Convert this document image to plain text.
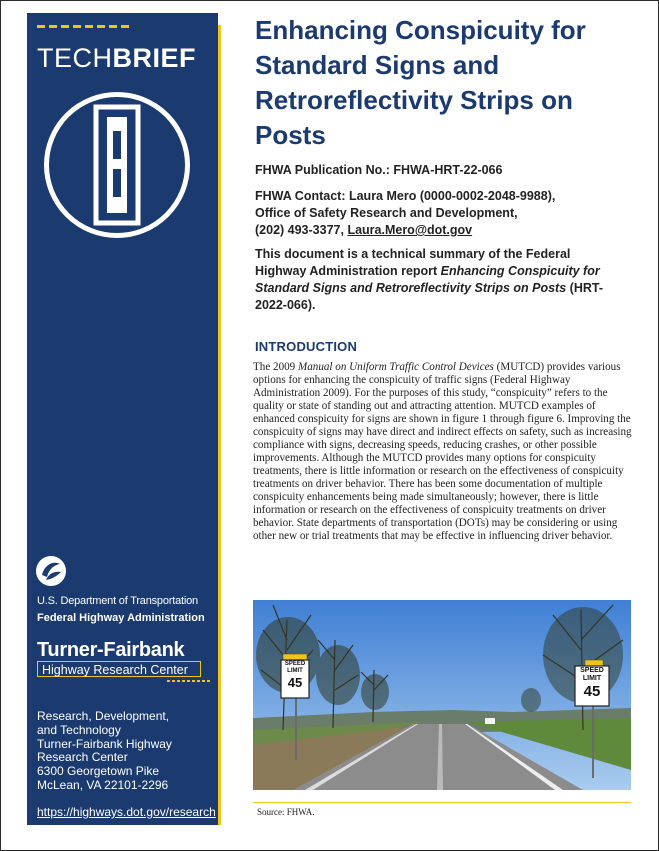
TECHBRIEF
U.S. Department of Transportation
Federal Highway Administration
Turner-Fairbank
Highway Research Center
Research, Development,
and Technology
Turner-Fairbank Highway
Research Center
6300 Georgetown Pike
McLean, VA 22101-2296
https://highways.dot.gov/research
Enhancing Conspicuity for Standard Signs and Retroreflectivity Strips on Posts
FHWA Publication No.: FHWA-HRT-22-066
FHWA Contact: Laura Mero (0000-0002-2048-9988),
Office of Safety Research and Development,
(202) 493-3377, Laura.Mero@dot.gov
This document is a technical summary of the Federal Highway Administration report Enhancing Conspicuity for Standard Signs and Retroreflectivity Strips on Posts (HRT-2022-066).
INTRODUCTION
The 2009 Manual on Uniform Traffic Control Devices (MUTCD) provides various options for enhancing the conspicuity of traffic signs (Federal Highway Administration 2009). For the purposes of this study, “conspicuity” refers to the quality or state of standing out and attracting attention. MUTCD examples of enhanced conspicuity for signs are shown in figure 1 through figure 6. Improving the conspicuity of signs may have direct and indirect effects on safety, such as increasing compliance with signs, decreasing speeds, reducing crashes, or other possible improvements. Although the MUTCD provides many options for conspicuity treatments, there is little information or research on the effectiveness of conspicuity treatments on driver behavior. There has been some documentation of multiple conspicuity enhancements being made simultaneously; however, there is little information or research on the effectiveness of conspicuity treatments on driver behavior. State departments of transportation (DOTs) may be considering or using other new or trial treatments that may be effective in influencing driver behavior.
SPEED
LIMIT
45
SPEED
LIMIT
45
Source: FHWA.
